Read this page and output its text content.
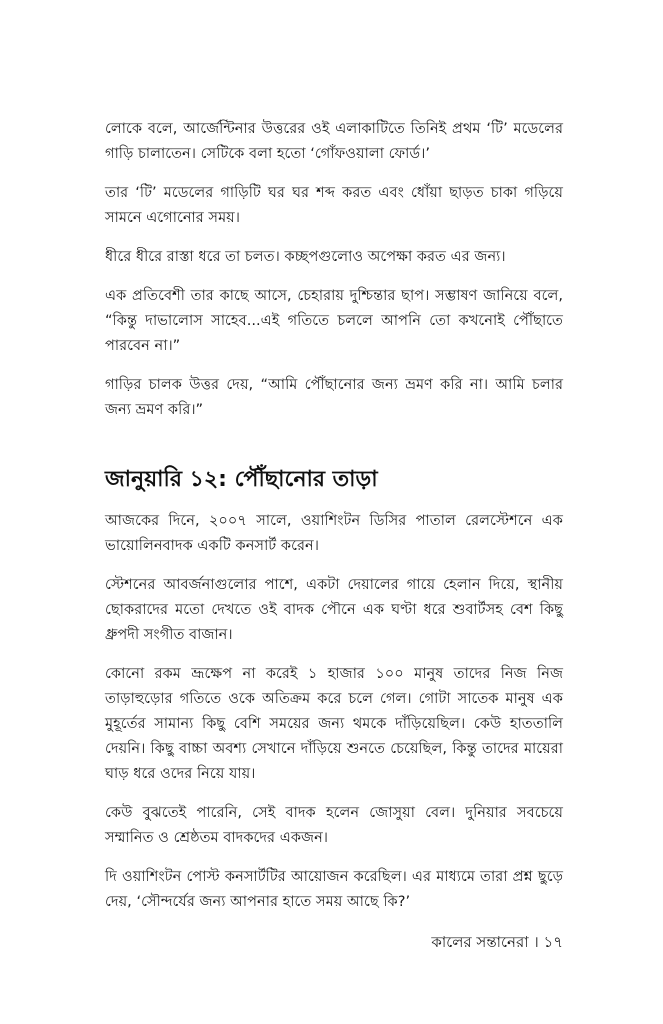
লোকে বলে, আর্জেন্টিনার উত্তরের ওই এলাকাটিতে তিনিই প্রথম ‘টি’ মডেলের গাড়ি চালাতেন। সেটিকে বলা হতো ‘গোঁফওয়ালা ফোর্ড।’

তার ‘টি’ মডেলের গাড়িটি ঘর ঘর শব্দ করত এবং ধোঁয়া ছাড়ত চাকা গড়িয়ে সামনে এগোনোর সময়।

ধীরে ধীরে রাস্তা ধরে তা চলত। কচ্ছপগুলোও অপেক্ষা করত এর জন্য।

এক প্রতিবেশী তার কাছে আসে, চেহারায় দুশ্চিন্তার ছাপ। সম্ভাষণ জানিয়ে বলে, “কিন্তু দাভালোস সাহেব...এই গতিতে চললে আপনি তো কখনোই পৌঁছাতে পারবেন না।”

গাড়ির চালক উত্তর দেয়, “আমি পৌঁছানোর জন্য ভ্রমণ করি না। আমি চলার জন্য ভ্রমণ করি।”

জানুয়ারি ১২: পৌঁছানোর তাড়া

আজকের দিনে, ২০০৭ সালে, ওয়াশিংটন ডিসির পাতাল রেলস্টেশনে এক ভায়োলিনবাদক একটি কনসার্ট করেন।

স্টেশনের আবর্জনাগুলোর পাশে, একটা দেয়ালের গায়ে হেলান দিয়ে, স্থানীয় ছোকরাদের মতো দেখতে ওই বাদক পৌনে এক ঘণ্টা ধরে শুবার্টসহ বেশ কিছু ধ্রুপদী সংগীত বাজান।

কোনো রকম ভ্রূক্ষেপ না করেই ১ হাজার ১০০ মানুষ তাদের নিজ নিজ তাড়াহুড়োর গতিতে ওকে অতিক্রম করে চলে গেল। গোটা সাতেক মানুষ এক মুহূর্তের সামান্য কিছু বেশি সময়ের জন্য থমকে দাঁড়িয়েছিল। কেউ হাততালি দেয়নি। কিছু বাচ্চা অবশ্য সেখানে দাঁড়িয়ে শুনতে চেয়েছিল, কিন্তু তাদের মায়েরা ঘাড় ধরে ওদের নিয়ে যায়।

কেউ বুঝতেই পারেনি, সেই বাদক হলেন জোসুয়া বেল। দুনিয়ার সবচেয়ে সম্মানিত ও শ্রেষ্ঠতম বাদকদের একজন।

দি ওয়াশিংটন পোস্ট কনসার্টটির আয়োজন করেছিল। এর মাধ্যমে তারা প্রশ্ন ছুড়ে দেয়, ‘সৌন্দর্যের জন্য আপনার হাতে সময় আছে কি?’

কালের সন্তানেরা । ১৭
